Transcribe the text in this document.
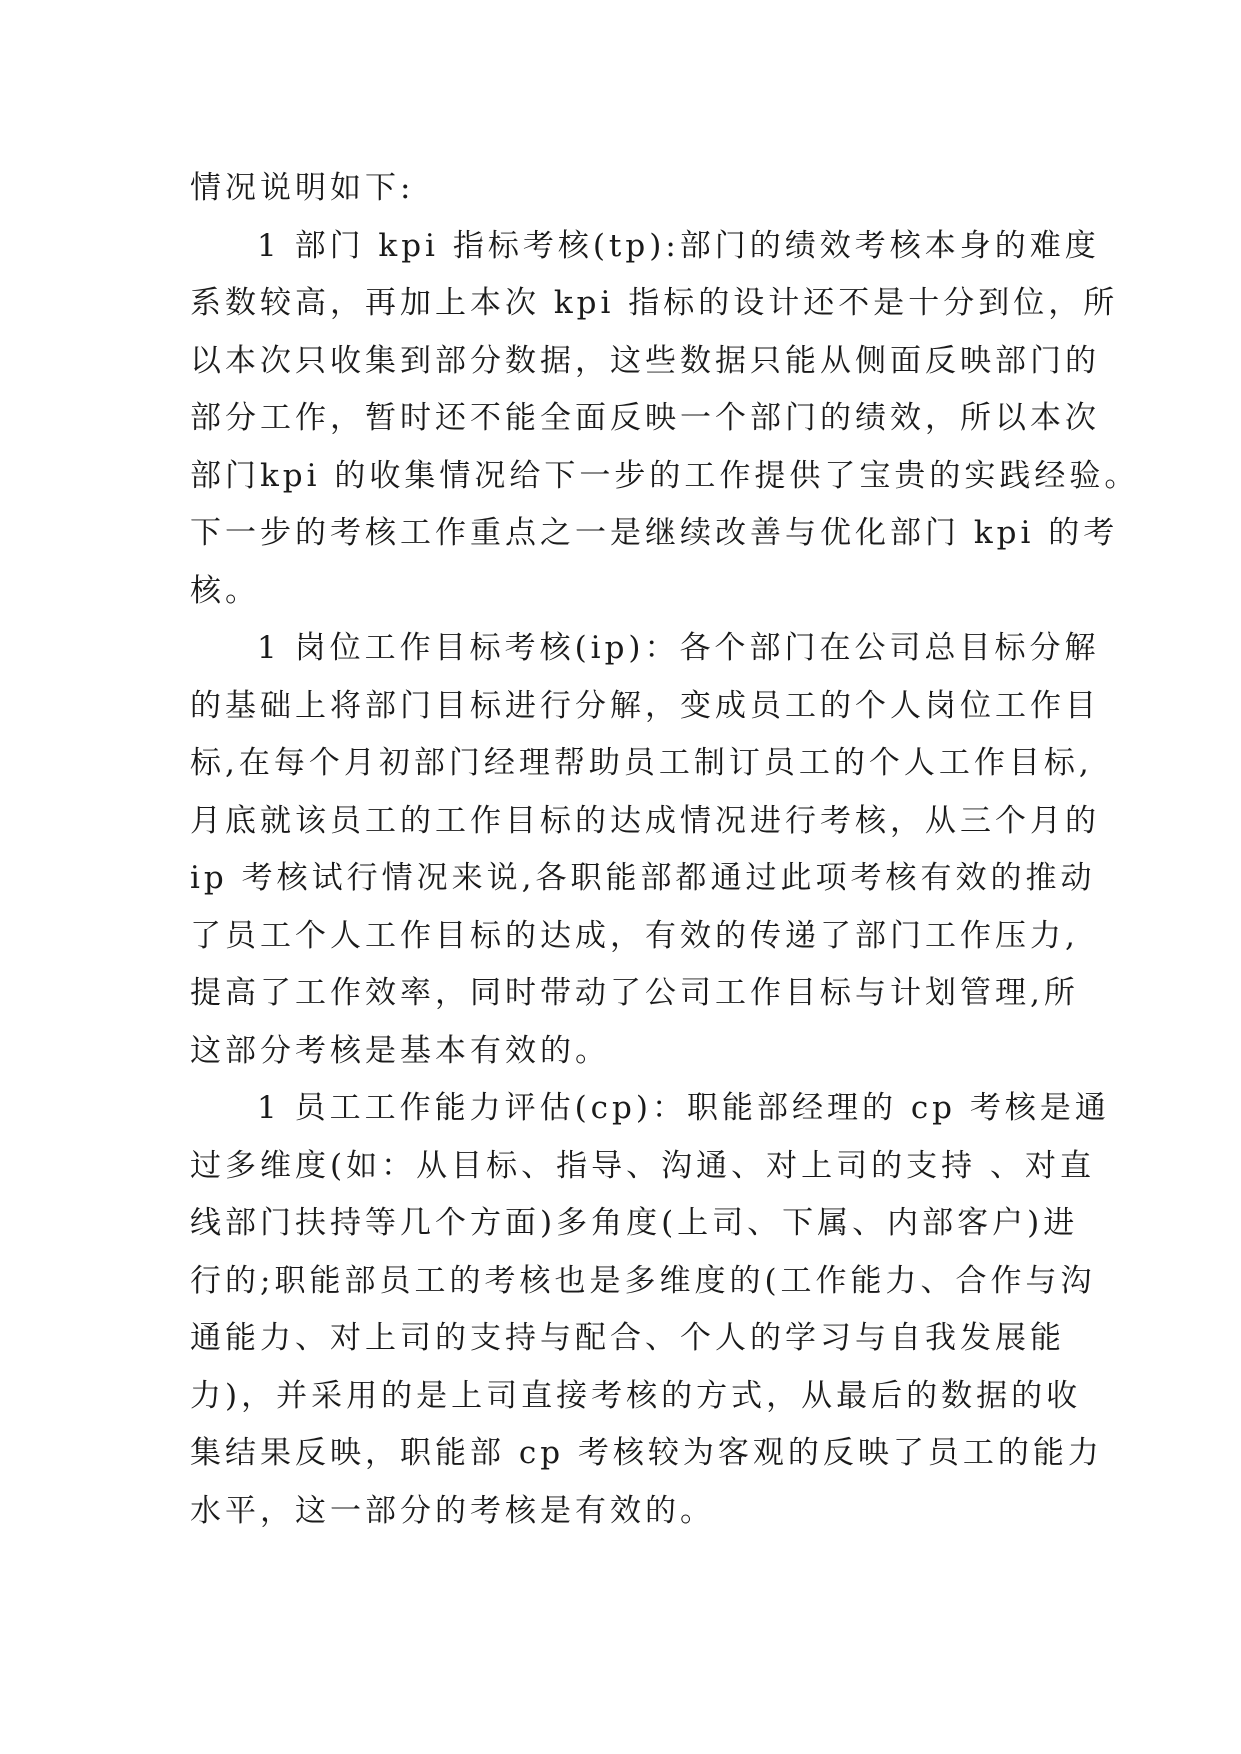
情况说明如下:
1 部门 kpi 指标考核(tp):部门的绩效考核本身的难度
系数较高，再加上本次 kpi 指标的设计还不是十分到位，所
以本次只收集到部分数据，这些数据只能从侧面反映部门的
部分工作，暂时还不能全面反映一个部门的绩效，所以本次
部门kpi 的收集情况给下一步的工作提供了宝贵的实践经验。
下一步的考核工作重点之一是继续改善与优化部门 kpi 的考
核。
1 岗位工作目标考核(ip)：各个部门在公司总目标分解
的基础上将部门目标进行分解，变成员工的个人岗位工作目
标,在每个月初部门经理帮助员工制订员工的个人工作目标,
月底就该员工的工作目标的达成情况进行考核，从三个月的
ip 考核试行情况来说,各职能部都通过此项考核有效的推动
了员工个人工作目标的达成，有效的传递了部门工作压力,
提高了工作效率，同时带动了公司工作目标与计划管理,所
这部分考核是基本有效的。
1 员工工作能力评估(cp)：职能部经理的 cp 考核是通
过多维度(如：从目标、指导、沟通、对上司的支持 、对直
线部门扶持等几个方面)多角度(上司、下属、内部客户)进
行的;职能部员工的考核也是多维度的(工作能力、合作与沟
通能力、对上司的支持与配合、个人的学习与自我发展能
力)，并采用的是上司直接考核的方式，从最后的数据的收
集结果反映，职能部 cp 考核较为客观的反映了员工的能力
水平，这一部分的考核是有效的。
